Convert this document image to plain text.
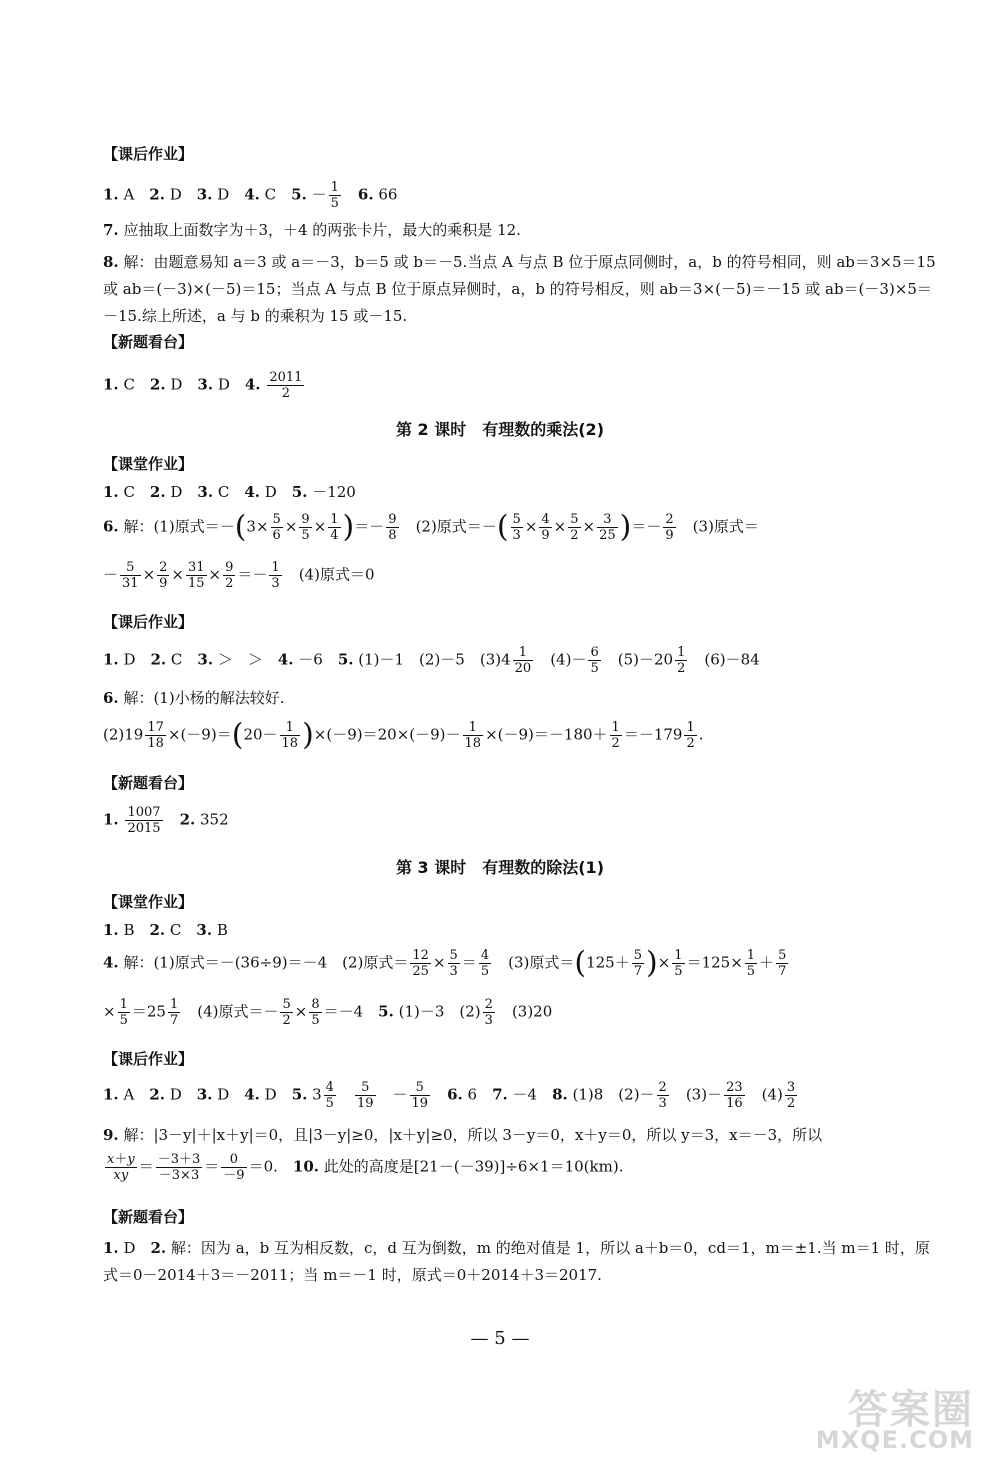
【课后作业】
1. A　2. D　3. D　4. C　5. － $\frac{1}{5}$
　 6. 66
7. 应抽取上面数字为＋3，＋4 的两张卡片，最大的乘积是 12.
8. 解：由题意易知 a＝3 或 a＝－3，b＝5 或 b＝－5.当点 A 与点 B 位于原点同侧时，a，b 的符号相同，则 ab＝3×5＝15 或 ab＝(－3)×(－5)＝15；当点 A 与点 B 位于原点异侧时，a，b 的符号相反，则 ab＝3×(－5)＝－15 或 ab＝(－3)×5＝－15.综上所述，a 与 b 的乘积为 15 或－15.
【新题看台】
1. C　2. D　3. D　4. $\frac{2011}{2}$
第 2 课时　有理数的乘法(2)
【课堂作业】
1. C　2. D　3. C　4. D　5. －120
6. 解：(1)原式$=-(3\times \frac{5}{6} \times \frac{9}{5} \times \frac{1}{4}$ )＝－ $\frac{9}{8}$ 　(2)原式＝－( $\frac{5}{3} \times \frac{4}{9} \times \frac{5}{2} \times \frac{3}{25}$ )＝－ $\frac{2}{9}$ 　(3)原式＝
－ $\frac{5}{31} \times \frac{2}{9} \times \frac{31}{15} \times \frac{9}{2} =- \frac{1}{3}$ 　(4)原式＝0
【课后作业】
1. D　2. C　3. ＞　＞　4. －6　5. (1)－1　(2)－5　$(3)4 \frac{1}{20}$ 　$(4)- \frac{6}{5}$ 　$(5)-20 \frac{1}{2}$ 　(6)－84
6. 解：(1)小杨的解法较好.
$(2)19 \frac{17}{18} \times(-9)=(20- \frac{1}{18} )\times(-9)=20\times(-9)- \frac{1}{18} \times(-9)=-180+ \frac{1}{2} =-179 \frac{1}{2}$ .
【新题看台】
1. $\frac{1007}{2015}$
　 2. 352
第 3 课时　有理数的除法(1)
【课堂作业】
1. B　2. C　3. B
4. 解：(1)原式＝－(36÷9)＝－4　(2)原式＝ $\frac{12}{25} \times \frac{5}{3} = \frac{4}{5}$ 　(3)原式$=(125+ \frac{5}{7}$ )× $\frac{1}{5} =125\times \frac{1}{5} + \frac{5}{7}$
× $\frac{1}{5} =25 \frac{1}{7}$ 　(4)原式＝－ $\frac{5}{2} \times \frac{8}{5} =-4$　5. (1)－3　$(2) \frac{2}{3}$ 　(3)20
【课后作业】
1. A　2. D　3. D　4. D　5. $3 \frac{4}{5}$
　 $\frac{5}{19}$ 　－ $\frac{5}{19}$
　 6. 6　7. －4　8. (1)8　$(2)- \frac{2}{3}$ 　$(3)- \frac{23}{16}$ 　$(4) \frac{3}{2}$
9. 解：|3－y|＋|x＋y|＝0，且|3－y|≥0，|x＋y|≥0，所以 3－y＝0，x＋y＝0，所以 y＝3，x＝－3，所以
$\frac{x+y}{xy} = \frac{-3+3}{-3\times 3} = \frac{0}{-9} =0$.　10. 此处的高度是[21－(－39)]÷6×1＝10(km).
【新题看台】
1. D　2. 解：因为 a，b 互为相反数，c，d 互为倒数，m 的绝对值是 1，所以 a＋b＝0，cd＝1，m＝±1.当 m＝1 时，原式＝0－2014＋3＝－2011；当 m＝－1 时，原式＝0＋2014＋3＝2017.
— 5 —
答案圈
MXQE.COM
